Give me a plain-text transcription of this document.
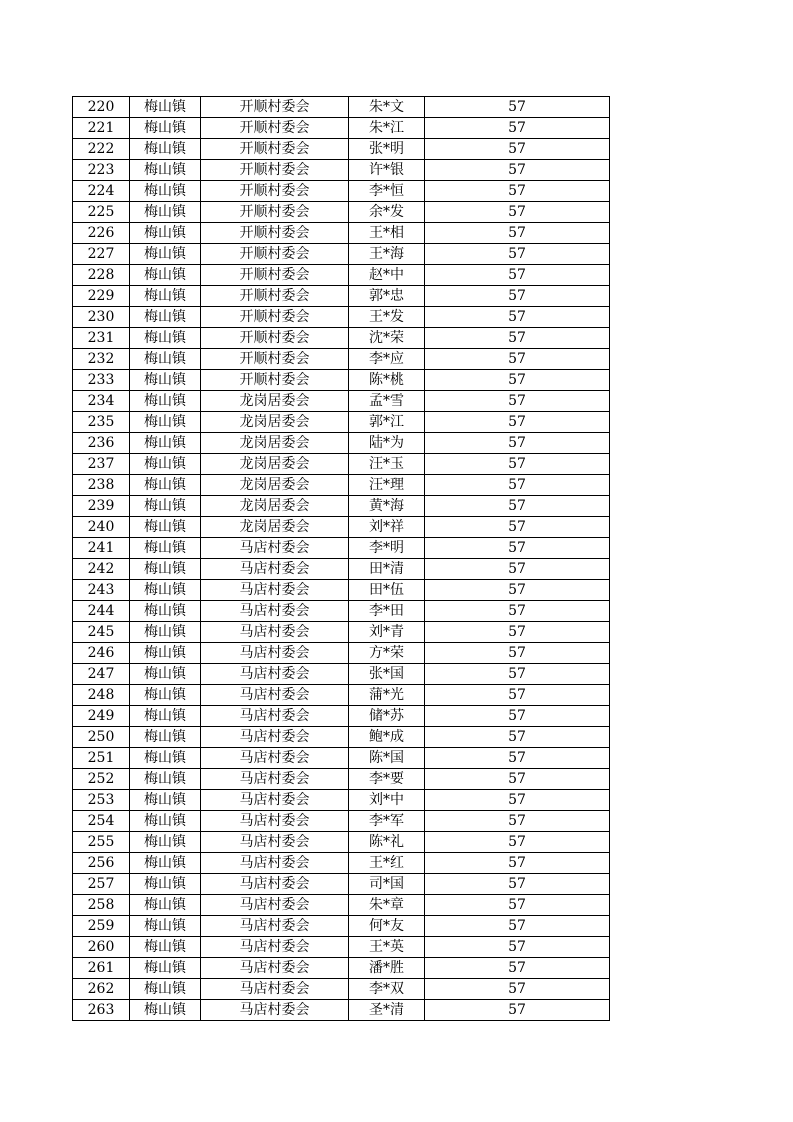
220	梅山镇	开顺村委会	朱*文	57
221	梅山镇	开顺村委会	朱*江	57
222	梅山镇	开顺村委会	张*明	57
223	梅山镇	开顺村委会	许*银	57
224	梅山镇	开顺村委会	李*恒	57
225	梅山镇	开顺村委会	余*发	57
226	梅山镇	开顺村委会	王*相	57
227	梅山镇	开顺村委会	王*海	57
228	梅山镇	开顺村委会	赵*中	57
229	梅山镇	开顺村委会	郭*忠	57
230	梅山镇	开顺村委会	王*发	57
231	梅山镇	开顺村委会	沈*荣	57
232	梅山镇	开顺村委会	李*应	57
233	梅山镇	开顺村委会	陈*桃	57
234	梅山镇	龙岗居委会	孟*雪	57
235	梅山镇	龙岗居委会	郭*江	57
236	梅山镇	龙岗居委会	陆*为	57
237	梅山镇	龙岗居委会	汪*玉	57
238	梅山镇	龙岗居委会	汪*理	57
239	梅山镇	龙岗居委会	黄*海	57
240	梅山镇	龙岗居委会	刘*祥	57
241	梅山镇	马店村委会	李*明	57
242	梅山镇	马店村委会	田*清	57
243	梅山镇	马店村委会	田*伍	57
244	梅山镇	马店村委会	李*田	57
245	梅山镇	马店村委会	刘*青	57
246	梅山镇	马店村委会	方*荣	57
247	梅山镇	马店村委会	张*国	57
248	梅山镇	马店村委会	蒲*光	57
249	梅山镇	马店村委会	储*苏	57
250	梅山镇	马店村委会	鲍*成	57
251	梅山镇	马店村委会	陈*国	57
252	梅山镇	马店村委会	李*要	57
253	梅山镇	马店村委会	刘*中	57
254	梅山镇	马店村委会	李*军	57
255	梅山镇	马店村委会	陈*礼	57
256	梅山镇	马店村委会	王*红	57
257	梅山镇	马店村委会	司*国	57
258	梅山镇	马店村委会	朱*章	57
259	梅山镇	马店村委会	何*友	57
260	梅山镇	马店村委会	王*英	57
261	梅山镇	马店村委会	潘*胜	57
262	梅山镇	马店村委会	李*双	57
263	梅山镇	马店村委会	圣*清	57
